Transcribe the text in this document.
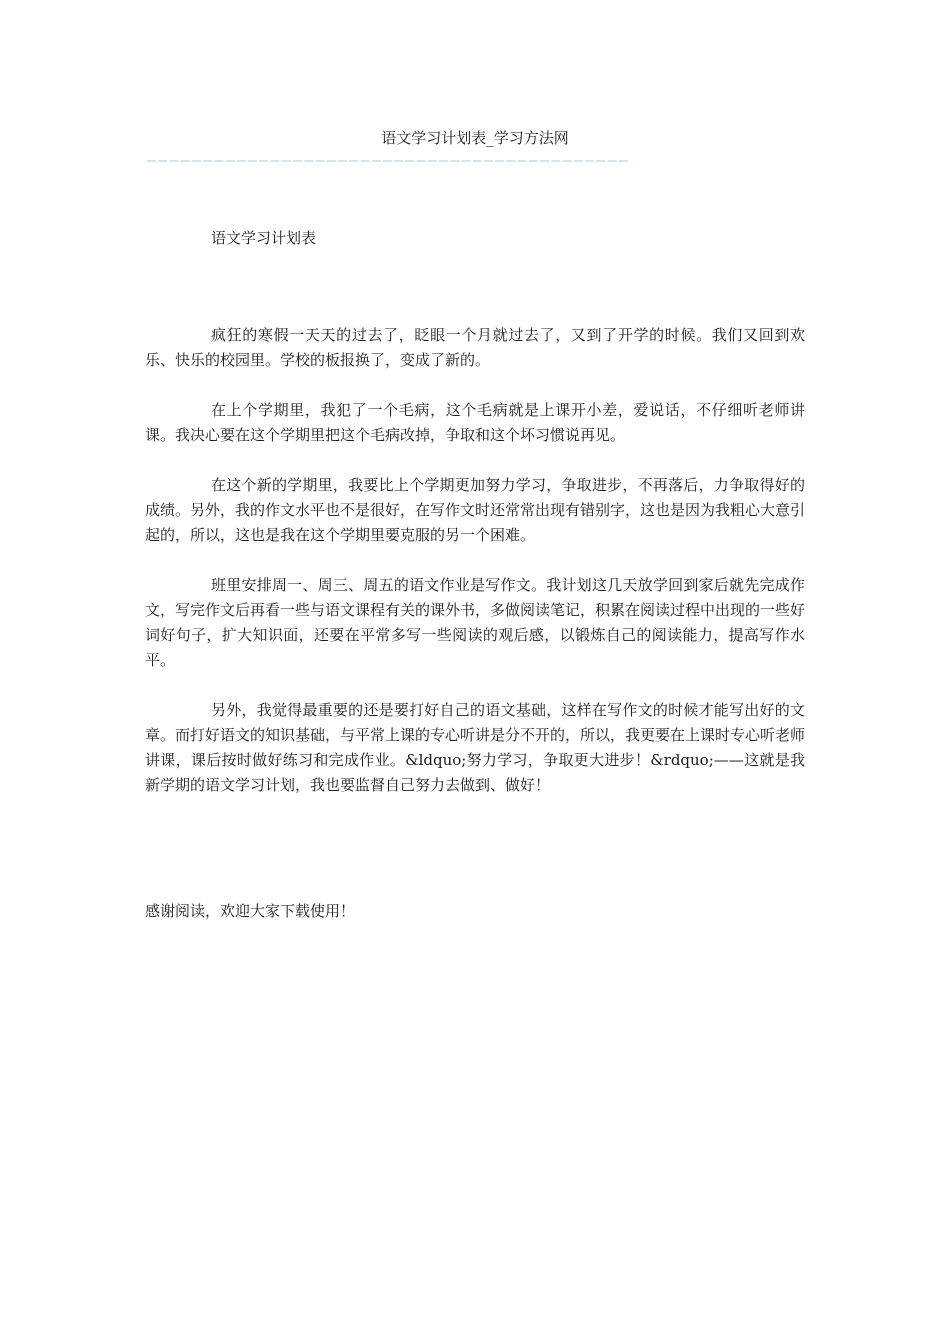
语文学习计划表_学习方法网
———————————————————————————————————————————
语文学习计划表

疯狂的寒假一天天的过去了，眨眼一个月就过去了，又到了开学的时候。我们又回到欢乐、快乐的校园里。学校的板报换了，变成了新的。

在上个学期里，我犯了一个毛病，这个毛病就是上课开小差，爱说话，不仔细听老师讲课。我决心要在这个学期里把这个毛病改掉，争取和这个坏习惯说再见。

在这个新的学期里，我要比上个学期更加努力学习，争取进步，不再落后，力争取得好的成绩。另外，我的作文水平也不是很好，在写作文时还常常出现有错别字，这也是因为我粗心大意引起的，所以，这也是我在这个学期里要克服的另一个困难。

班里安排周一、周三、周五的语文作业是写作文。我计划这几天放学回到家后就先完成作文，写完作文后再看一些与语文课程有关的课外书，多做阅读笔记，积累在阅读过程中出现的一些好词好句子，扩大知识面，还要在平常多写一些阅读的观后感，以锻炼自己的阅读能力，提高写作水平。

另外，我觉得最重要的还是要打好自己的语文基础，这样在写作文的时候才能写出好的文章。而打好语文的知识基础，与平常上课的专心听讲是分不开的，所以，我更要在上课时专心听老师讲课，课后按时做好练习和完成作业。&ldquo;努力学习，争取更大进步！&rdquo;——这就是我新学期的语文学习计划，我也要监督自己努力去做到、做好！

感谢阅读，欢迎大家下载使用！
